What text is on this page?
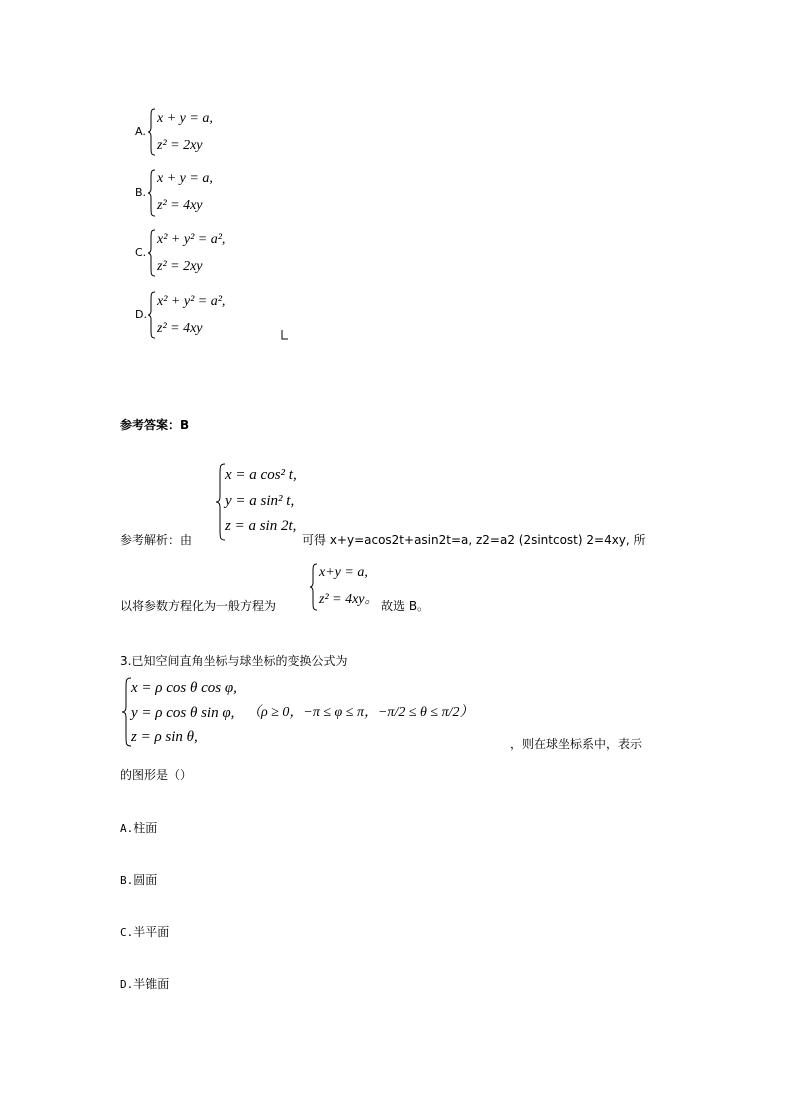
A.
x + y = a,
z² = 2xy
B.
x + y = a,
z² = 4xy
C.
x² + y² = a²,
z² = 2xy
D.
x² + y² = a²,
z² = 4xy
参考答案：B
参考解析：由
x = a cos² t,
y = a sin² t,
z = a sin 2t,
可得 x+y=acos2t+asin2t=a, z2=a2 (2sintcost) 2=4xy, 所
以将参数方程化为一般方程为
x+y = a,
z² = 4xy。 故选 B。
3.已知空间直角坐标与球坐标的变换公式为
x = ρ cos θ cos φ,
y = ρ cos θ sin φ,
z = ρ sin θ,
（ρ ≥ 0，−π ≤ φ ≤ π，−π/2 ≤ θ ≤ π/2）
，则在球坐标系中，表示
的图形是（）
A.柱面
B.圆面
C.半平面
D.半锥面
